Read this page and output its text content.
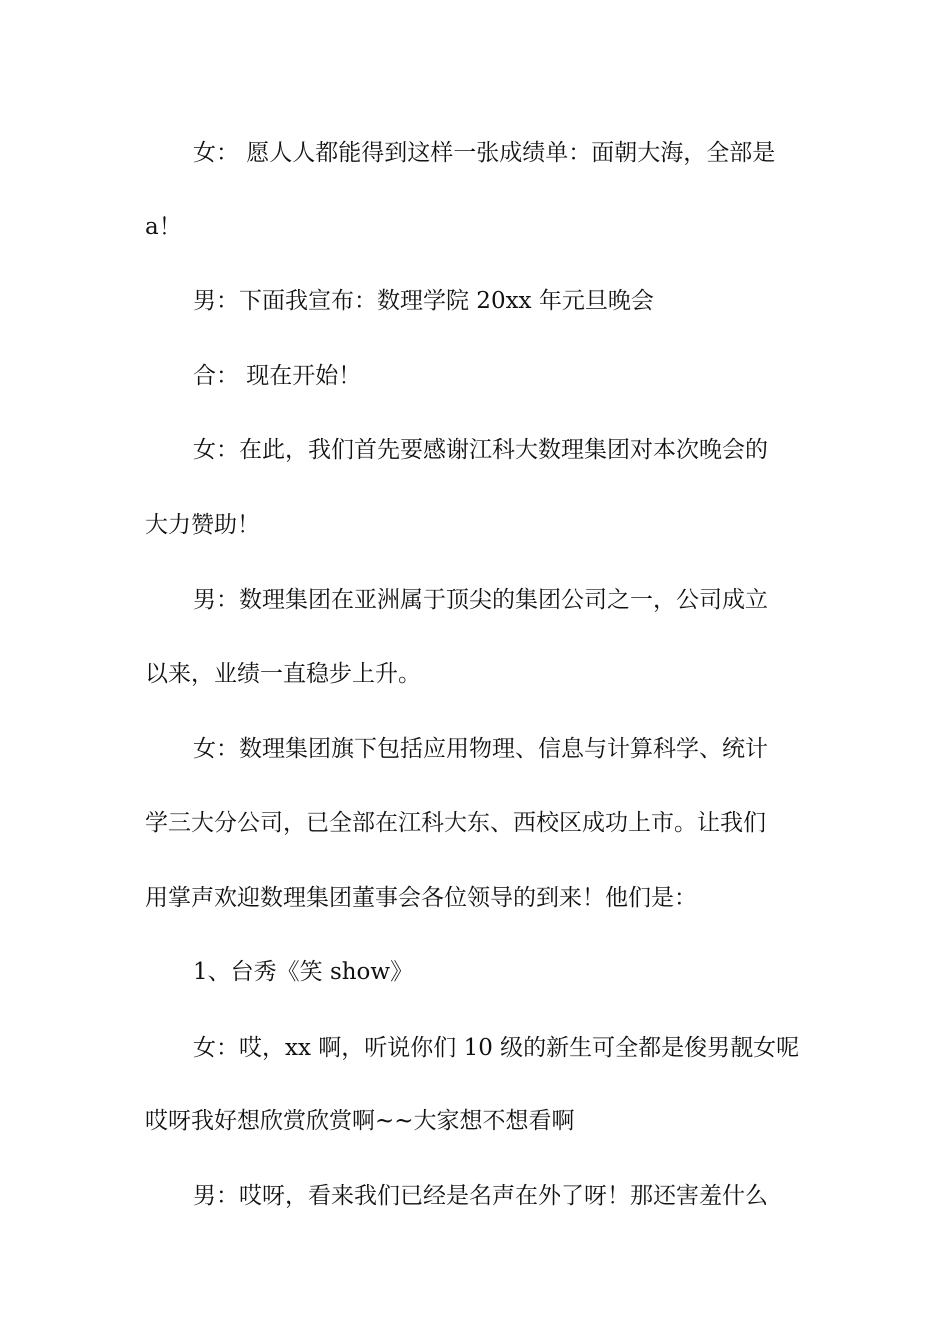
女： 愿人人都能得到这样一张成绩单：面朝大海，全部是
a！
男：下面我宣布：数理学院 20xx 年元旦晚会
合： 现在开始！
女：在此，我们首先要感谢江科大数理集团对本次晚会的
大力赞助！
男：数理集团在亚洲属于顶尖的集团公司之一，公司成立
以来，业绩一直稳步上升。
女：数理集团旗下包括应用物理、信息与计算科学、统计
学三大分公司，已全部在江科大东、西校区成功上市。让我们
用掌声欢迎数理集团董事会各位领导的到来！他们是：
1、台秀《笑 show》
女：哎，xx 啊，听说你们 10 级的新生可全都是俊男靓女呢
哎呀我好想欣赏欣赏啊~~大家想不想看啊
男：哎呀，看来我们已经是名声在外了呀！那还害羞什么
